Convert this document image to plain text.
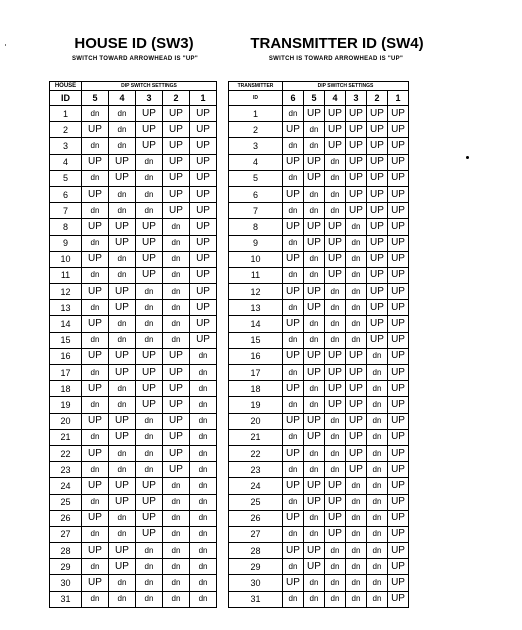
HOUSE ID (SW3)
SWITCH TOWARD ARROWHEAD IS "UP"
TRANSMITTER ID (SW4)
SWITCH IS TOWARD ARROWHEAD IS "UP"
HOUSE	DIP SWITCH SETTINGS				
ID	5	4	3	2	1
1	dn	dn	UP	UP	UP
2	UP	dn	UP	UP	UP
3	dn	dn	UP	UP	UP
4	UP	UP	dn	UP	UP
5	dn	UP	dn	UP	UP
6	UP	dn	dn	UP	UP
7	dn	dn	dn	UP	UP
8	UP	UP	UP	dn	UP
9	dn	UP	UP	dn	UP
10	UP	dn	UP	dn	UP
11	dn	dn	UP	dn	UP
12	UP	UP	dn	dn	UP
13	dn	UP	dn	dn	UP
14	UP	dn	dn	dn	UP
15	dn	dn	dn	dn	UP
16	UP	UP	UP	UP	dn
17	dn	UP	UP	UP	dn
18	UP	dn	UP	UP	dn
19	dn	dn	UP	UP	dn
20	UP	UP	dn	UP	dn
21	dn	UP	dn	UP	dn
22	UP	dn	dn	UP	dn
23	dn	dn	dn	UP	dn
24	UP	UP	UP	dn	dn
25	dn	UP	UP	dn	dn
26	UP	dn	UP	dn	dn
27	dn	dn	UP	dn	dn
28	UP	UP	dn	dn	dn
29	dn	UP	dn	dn	dn
30	UP	dn	dn	dn	dn
31	dn	dn	dn	dn	dn
TRANSMITTER	DIP SWITCH SETTINGS					
ID	6	5	4	3	2	1
1	dn	UP	UP	UP	UP	UP
2	UP	dn	UP	UP	UP	UP
3	dn	dn	UP	UP	UP	UP
4	UP	UP	dn	UP	UP	UP
5	dn	UP	dn	UP	UP	UP
6	UP	dn	dn	UP	UP	UP
7	dn	dn	dn	UP	UP	UP
8	UP	UP	UP	dn	UP	UP
9	dn	UP	UP	dn	UP	UP
10	UP	dn	UP	dn	UP	UP
11	dn	dn	UP	dn	UP	UP
12	UP	UP	dn	dn	UP	UP
13	dn	UP	dn	dn	UP	UP
14	UP	dn	dn	dn	UP	UP
15	dn	dn	dn	dn	UP	UP
16	UP	UP	UP	UP	dn	UP
17	dn	UP	UP	UP	dn	UP
18	UP	dn	UP	UP	dn	UP
19	dn	dn	UP	UP	dn	UP
20	UP	UP	dn	UP	dn	UP
21	dn	UP	dn	UP	dn	UP
22	UP	dn	dn	UP	dn	UP
23	dn	dn	dn	UP	dn	UP
24	UP	UP	UP	dn	dn	UP
25	dn	UP	UP	dn	dn	UP
26	UP	dn	UP	dn	dn	UP
27	dn	dn	UP	dn	dn	UP
28	UP	UP	dn	dn	dn	UP
29	dn	UP	dn	dn	dn	UP
30	UP	dn	dn	dn	dn	UP
31	dn	dn	dn	dn	dn	UP
